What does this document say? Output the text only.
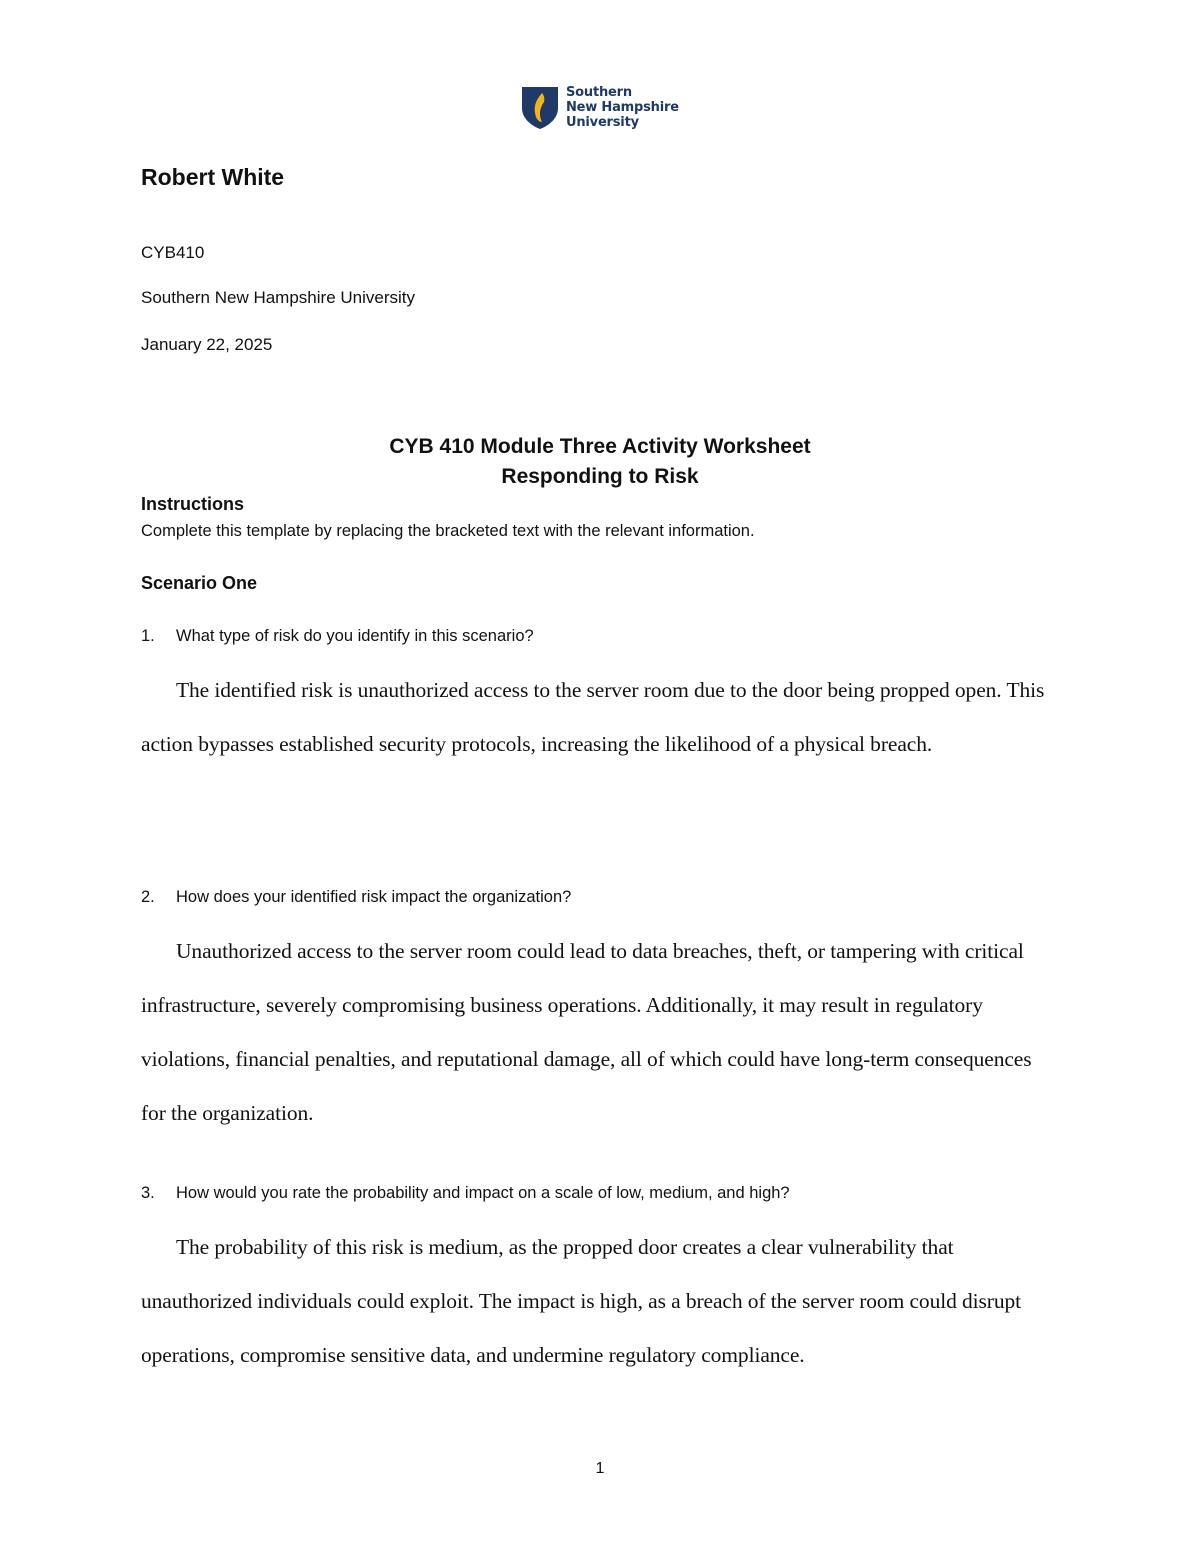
Southern
New Hampshire
University
Robert White
CYB410
Southern New Hampshire University
January 22, 2025
CYB 410 Module Three Activity Worksheet
Responding to Risk
Instructions
Complete this template by replacing the bracketed text with the relevant information.
Scenario One
1.	What type of risk do you identify in this scenario?

The identified risk is unauthorized access to the server room due to the door being propped open. This action bypasses established security protocols, increasing the likelihood of a physical breach.

2.	How does your identified risk impact the organization?

Unauthorized access to the server room could lead to data breaches, theft, or tampering with critical infrastructure, severely compromising business operations. Additionally, it may result in regulatory violations, financial penalties, and reputational damage, all of which could have long-term consequences for the organization.

3.	How would you rate the probability and impact on a scale of low, medium, and high?

The probability of this risk is medium, as the propped door creates a clear vulnerability that unauthorized individuals could exploit. The impact is high, as a breach of the server room could disrupt operations, compromise sensitive data, and undermine regulatory compliance.

1
